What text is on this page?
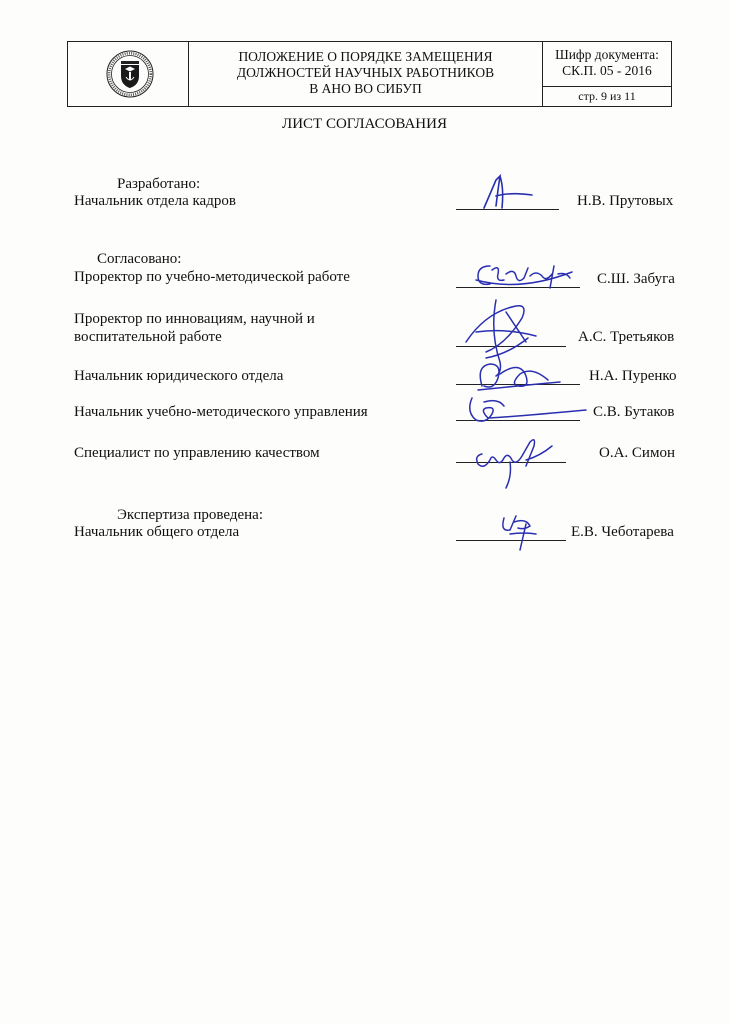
ПОЛОЖЕНИЕ О ПОРЯДКЕ ЗАМЕЩЕНИЯ
ДОЛЖНОСТЕЙ НАУЧНЫХ РАБОТНИКОВ
В АНО ВО СИБУП
Шифр документа:
СК.П. 05 - 2016
стр. 9 из 11
ЛИСТ СОГЛАСОВАНИЯ
Разработано:
Начальник отдела кадров	Н.В. Прутовых
Согласовано:
Проректор по учебно-методической работе	С.Ш. Забуга
Проректор по инновациям, научной и
воспитательной работе	А.С. Третьяков
Начальник юридического отдела	Н.А. Пуренко
Начальник учебно-методического управления	С.В. Бутаков
Специалист по управлению качеством	О.А. Симон
Экспертиза проведена:
Начальник общего отдела	Е.В. Чеботарева
